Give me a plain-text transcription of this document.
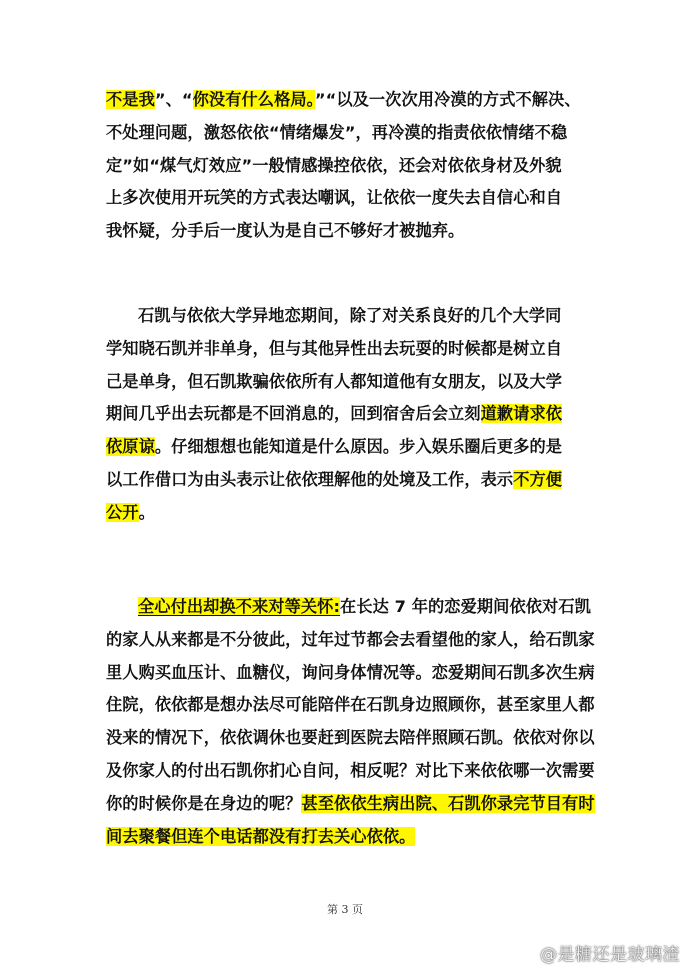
不是我”、“你没有什么格局。”“以及一次次用冷漠的方式不解决、
不处理问题，激怒依依“情绪爆发”，再冷漠的指责依依情绪不稳
定”如“煤气灯效应”一般情感操控依依，还会对依依身材及外貌
上多次使用开玩笑的方式表达嘲讽，让依依一度失去自信心和自
我怀疑，分手后一度认为是自己不够好才被抛弃。
石凯与依依大学异地恋期间，除了对关系良好的几个大学同
学知晓石凯并非单身，但与其他异性出去玩耍的时候都是树立自
己是单身，但石凯欺骗依依所有人都知道他有女朋友，以及大学
期间几乎出去玩都是不回消息的，回到宿舍后会立刻道歉请求依
依原谅。仔细想想也能知道是什么原因。步入娱乐圈后更多的是
以工作借口为由头表示让依依理解他的处境及工作，表示不方便
公开。
全心付出却换不来对等关怀:在长达 7 年的恋爱期间依依对石凯
的家人从来都是不分彼此，过年过节都会去看望他的家人，给石凯家
里人购买血压计、血糖仪，询问身体情况等。恋爱期间石凯多次生病
住院，依依都是想办法尽可能陪伴在石凯身边照顾你，甚至家里人都
没来的情况下，依依调休也要赶到医院去陪伴照顾石凯。依依对你以
及你家人的付出石凯你扪心自问，相反呢？对比下来依依哪一次需要
你的时候你是在身边的呢？甚至依依生病出院、石凯你录完节目有时
间去聚餐但连个电话都没有打去关心依依。
第 3 页
@是糖还是玻璃渣
